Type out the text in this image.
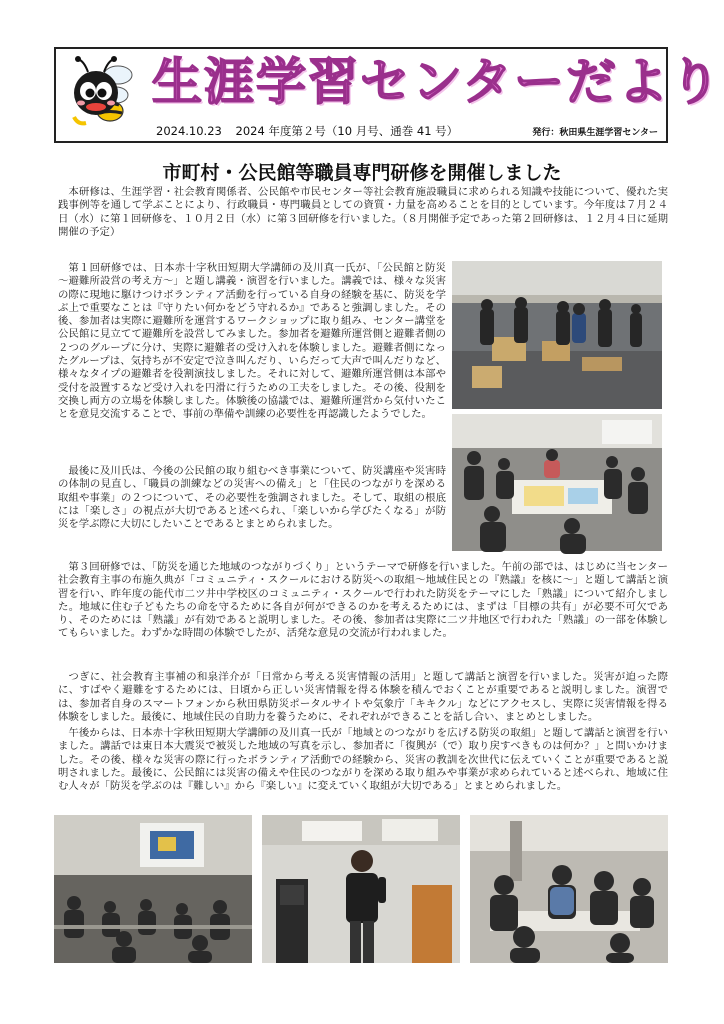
生涯学習センターだより
2024.10.23 2024 年度第２号（10 月号、通巻 41 号）	発行：秋田県生涯学習センター
市町村・公民館等職員専門研修を開催しました

本研修は、生涯学習・社会教育関係者、公民館や市民センター等社会教育施設職員に求められる知識や技能について、優れた実践事例等を通して学ぶことにより、行政職員・専門職員としての資質・力量を高めることを目的としています。今年度は７月２４日（水）に第１回研修を、１０月２日（水）に第３回研修を行いました。（８月開催予定であった第２回研修は、１２月４日に延期開催の予定）

第１回研修では、日本赤十字秋田短期大学講師の及川真一氏が、「公民館と防災～避難所設営の考え方～」と題し講義・演習を行いました。講義では、様々な災害の際に現地に駆けつけボランティア活動を行っている自身の経験を基に、防災を学ぶ上で重要なことは『守りたい何かをどう守れるか』であると強調しました。その後、参加者は実際に避難所を運営するワークショップに取り組み、センター講堂を公民館に見立てて避難所を設営してみました。参加者を避難所運営側と避難者側の２つのグループに分け、実際に避難者の受け入れを体験しました。避難者側になったグループは、気持ちが不安定で泣き叫んだり、いらだって大声で叫んだりなど、様々なタイプの避難者を役割演技しました。それに対して、避難所運営側は本部や受付を設置するなど受け入れを円滑に行うための工夫をしました。その後、役割を交換し両方の立場を体験しました。体験後の協議では、避難所運営から気付いたことを意見交流することで、事前の準備や訓練の必要性を再認識したようでした。

最後に及川氏は、今後の公民館の取り組むべき事業について、防災講座や災害時の体制の見直し、「職員の訓練などの災害への備え」と「住民のつながりを深める取組や事業」の２つについて、その必要性を強調されました。そして、取組の根底には「楽しさ」の視点が大切であると述べられ、「楽しいから学びたくなる」が防災を学ぶ際に大切にしたいことであるとまとめられました。

第３回研修では、「防災を通じた地域のつながりづくり」というテーマで研修を行いました。午前の部では、はじめに当センター社会教育主事の布施久典が「コミュニティ・スクールにおける防災への取組～地域住民との『熟議』を核に～」と題して講話と演習を行い、昨年度の能代市二ツ井中学校区のコミュニティ・スクールで行われた防災をテーマにした「熟議」について紹介しました。地域に住む子どもたちの命を守るために各自が何ができるのかを考えるためには、まずは「目標の共有」が必要不可欠であり、そのためには「熟議」が有効であると説明しました。その後、参加者は実際に二ツ井地区で行われた「熟議」の一部を体験してもらいました。わずかな時間の体験でしたが、活発な意見の交流が行われました。

つぎに、社会教育主事補の和泉洋介が「日常から考える災害情報の活用」と題して講話と演習を行いました。災害が迫った際に、すばやく避難をするためには、日頃から正しい災害情報を得る体験を積んでおくことが重要であると説明しました。演習では、参加者自身のスマートフォンから秋田県防災ポータルサイトや気象庁「キキクル」などにアクセスし、実際に災害情報を得る体験をしました。最後に、地域住民の自助力を養うために、それぞれができることを話し合い、まとめとしました。

午後からは、日本赤十字秋田短期大学講師の及川真一氏が「地域とのつながりを広げる防災の取組」と題して講話と演習を行いました。講話では東日本大震災で被災した地域の写真を示し、参加者に「復興が（で）取り戻すべきものは何か？」と問いかけました。その後、様々な災害の際に行ったボランティア活動での経験から、災害の教訓を次世代に伝えていくことが重要であると説明されました。最後に、公民館には災害の備えや住民のつながりを深める取り組みや事業が求められていると述べられ、地域に住む人々が「防災を学ぶのは『難しい』から『楽しい』に変えていく取組が大切である」とまとめられました。
